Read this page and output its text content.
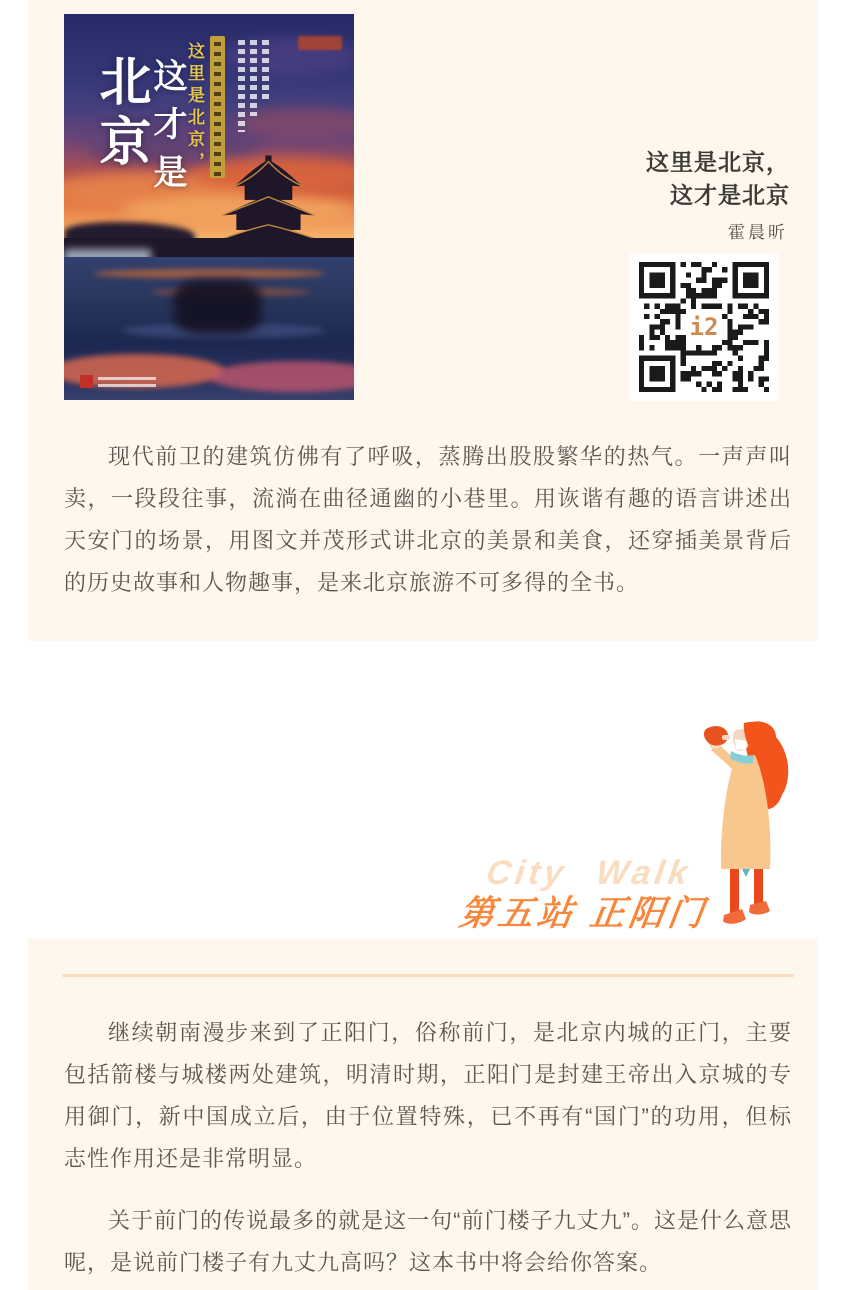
北京
这才是
这里是北京，	这里是北京，
这才是北京
霍晨昕
i2

现代前卫的建筑仿佛有了呼吸，蒸腾出股股繁华的热气。一声声叫卖，一段段往事，流淌在曲径通幽的小巷里。用诙谐有趣的语言讲述出天安门的场景，用图文并茂形式讲北京的美景和美食，还穿插美景背后的历史故事和人物趣事，是来北京旅游不可多得的全书。

City Walk
第五站 正阳门

继续朝南漫步来到了正阳门，俗称前门，是北京内城的正门，主要包括箭楼与城楼两处建筑，明清时期，正阳门是封建王帝出入京城的专用御门，新中国成立后，由于位置特殊，已不再有“国门”的功用，但标志性作用还是非常明显。

关于前门的传说最多的就是这一句“前门楼子九丈九”。这是什么意思呢，是说前门楼子有九丈九高吗？这本书中将会给你答案。
